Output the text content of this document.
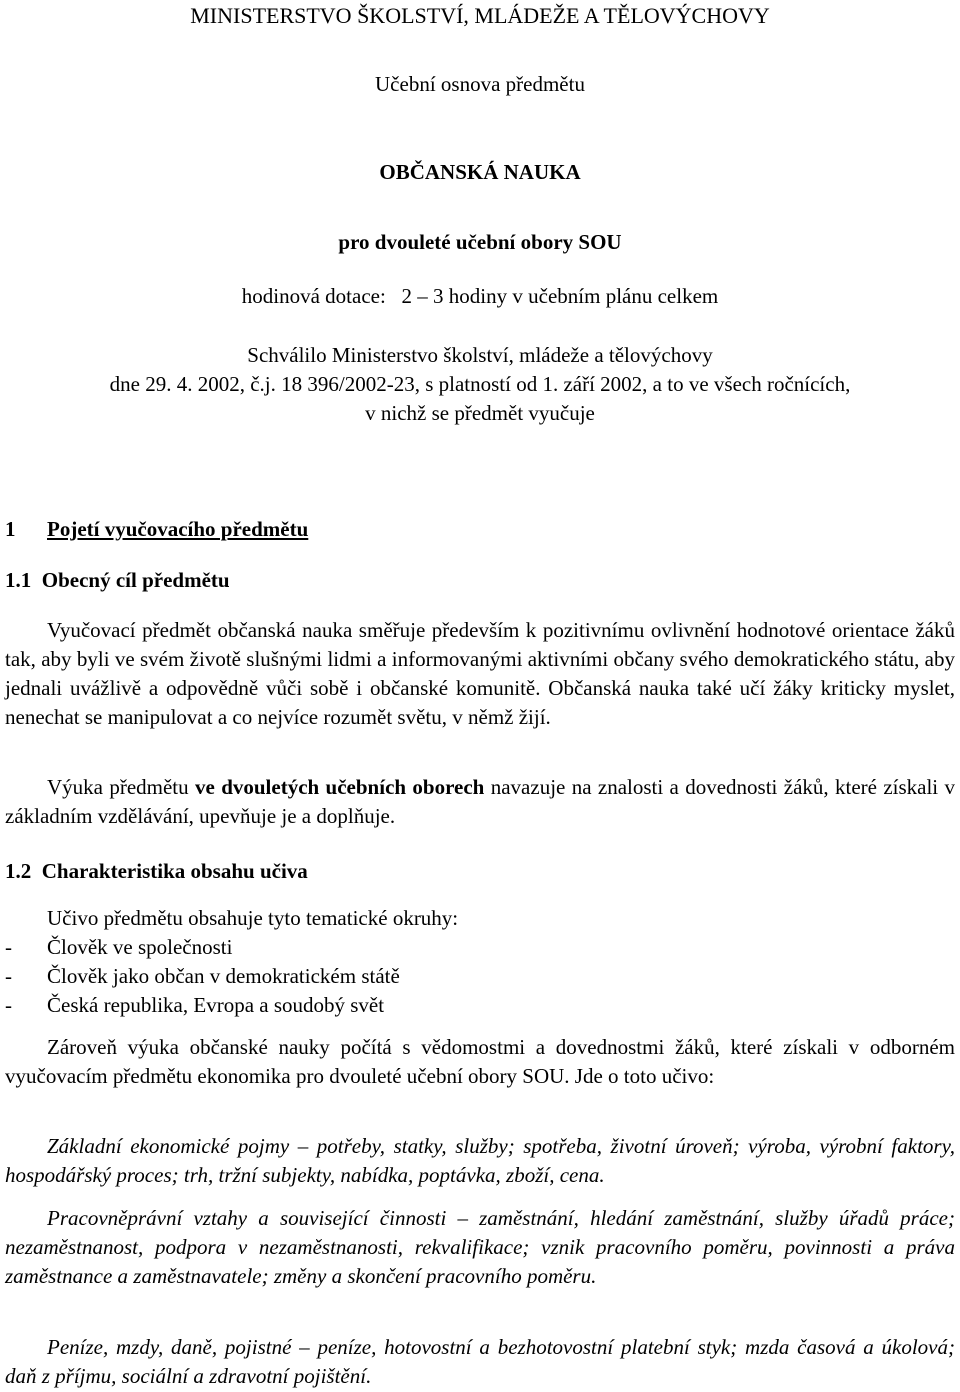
MINISTERSTVO ŠKOLSTVÍ, MLÁDEŽE A TĚLOVÝCHOVY
Učební osnova předmětu
OBČANSKÁ NAUKA
pro dvouleté učební obory SOU
hodinová dotace:   2 – 3 hodiny v učebním plánu celkem
Schválilo Ministerstvo školství, mládeže a tělovýchovy
dne 29. 4. 2002, č.j. 18 396/2002-23, s platností od 1. září 2002, a to ve všech ročnících,
v nichž se předmět vyučuje
1 Pojetí vyučovacího předmětu
1.1  Obecný cíl předmětu
Vyučovací předmět občanská nauka směřuje především k pozitivnímu ovlivnění hodnotové orientace žáků tak, aby byli ve svém životě slušnými lidmi a informovanými aktivními občany svého demokratického státu, aby jednali uvážlivě a odpovědně vůči sobě i občanské komunitě. Občanská nauka také učí žáky kriticky myslet, nenechat se manipulovat a co nejvíce rozumět světu, v němž žijí.
Výuka předmětu ve dvouletých učebních oborech navazuje na znalosti a dovednosti žáků, které získali v základním vzdělávání, upevňuje je a doplňuje.
1.2  Charakteristika obsahu učiva
Učivo předmětu obsahuje tyto tematické okruhy:
-	Člověk ve společnosti
-	Člověk jako občan v demokratickém státě
-	Česká republika, Evropa a soudobý svět
Zároveň výuka občanské nauky počítá s vědomostmi a dovednostmi žáků, které získali v odborném vyučovacím předmětu ekonomika pro dvouleté učební obory SOU. Jde o toto učivo:
Základní ekonomické pojmy – potřeby, statky, služby; spotřeba, životní úroveň; výroba, výrobní faktory, hospodářský proces; trh, tržní subjekty, nabídka, poptávka, zboží, cena.
Pracovněprávní vztahy a související činnosti – zaměstnání, hledání zaměstnání, služby úřadů práce; nezaměstnanost, podpora v nezaměstnanosti, rekvalifikace; vznik pracovního poměru, povinnosti a práva zaměstnance a zaměstnavatele; změny a skončení pracovního poměru.
Peníze, mzdy, daně, pojistné – peníze, hotovostní a bezhotovostní platební styk; mzda časová a úkolová; daň z příjmu, sociální a zdravotní pojištění.
